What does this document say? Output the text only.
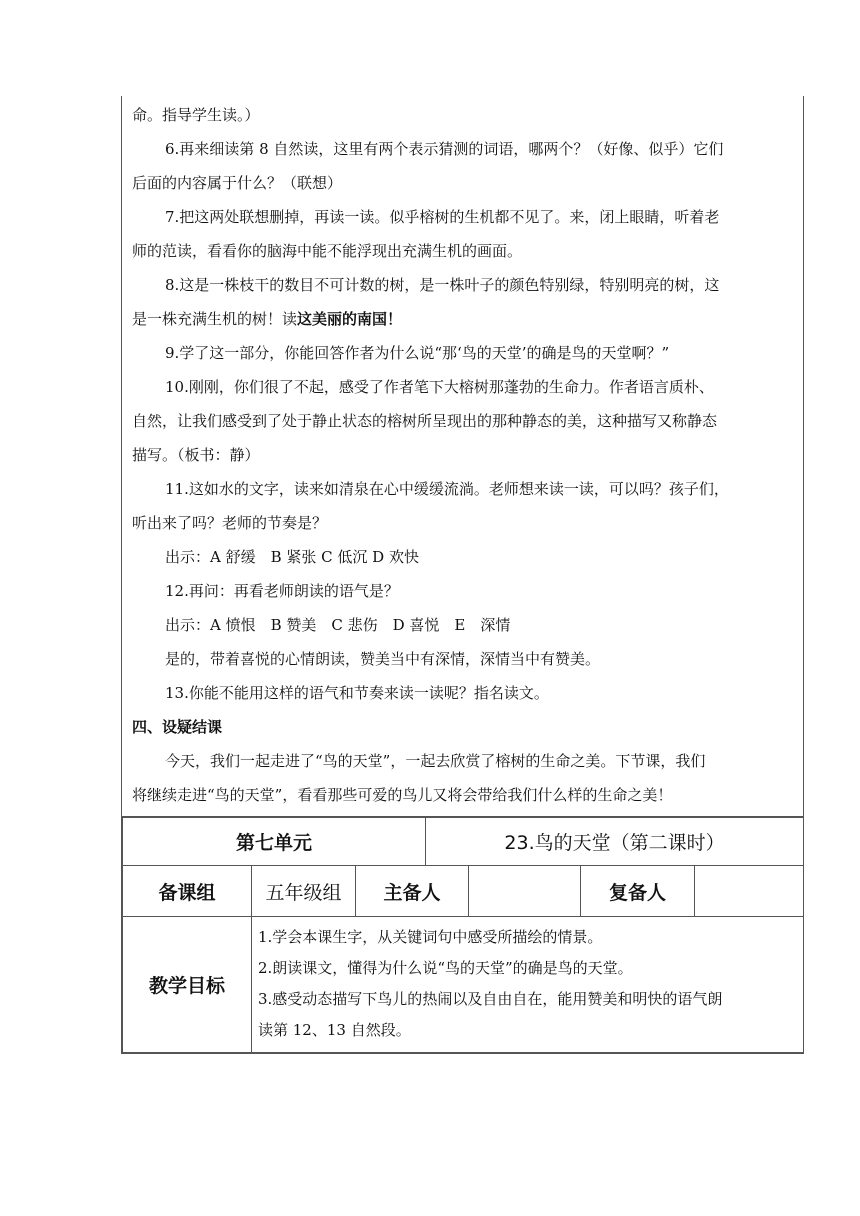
命。指导学生读。）
6.再来细读第 8 自然读，这里有两个表示猜测的词语，哪两个？（好像、似乎）它们
后面的内容属于什么？（联想）
7.把这两处联想删掉，再读一读。似乎榕树的生机都不见了。来，闭上眼睛，听着老
师的范读，看看你的脑海中能不能浮现出充满生机的画面。
8.这是一株枝干的数目不可计数的树，是一株叶子的颜色特别绿，特别明亮的树，这
是一株充满生机的树！读这美丽的南国！
9.学了这一部分，你能回答作者为什么说“那‘鸟的天堂’的确是鸟的天堂啊？”
10.刚刚，你们很了不起，感受了作者笔下大榕树那蓬勃的生命力。作者语言质朴、
自然，让我们感受到了处于静止状态的榕树所呈现出的那种静态的美，这种描写又称静态
描写。（板书：静）
11.这如水的文字，读来如清泉在心中缓缓流淌。老师想来读一读，可以吗？孩子们，
听出来了吗？老师的节奏是？
出示：A 舒缓　B 紧张 C 低沉 D 欢快
12.再问：再看老师朗读的语气是？
出示：A 愤恨　B 赞美　C 悲伤　D 喜悦　E　深情
是的，带着喜悦的心情朗读，赞美当中有深情，深情当中有赞美。
13.你能不能用这样的语气和节奏来读一读呢？指名读文。
四、设疑结课
今天，我们一起走进了“鸟的天堂”，一起去欣赏了榕树的生命之美。下节课，我们
将继续走进“鸟的天堂”，看看那些可爱的鸟儿又将会带给我们什么样的生命之美！
第七单元			23.鸟的天堂（第二课时）			
备课组	五年级组	主备人			复备人	
教学目标	1.学会本课生字，从关键词句中感受所描绘的情景。
2.朗读课文，懂得为什么说“鸟的天堂”的确是鸟的天堂。
3.感受动态描写下鸟儿的热闹以及自由自在，能用赞美和明快的语气朗
读第 12、13 自然段。					
